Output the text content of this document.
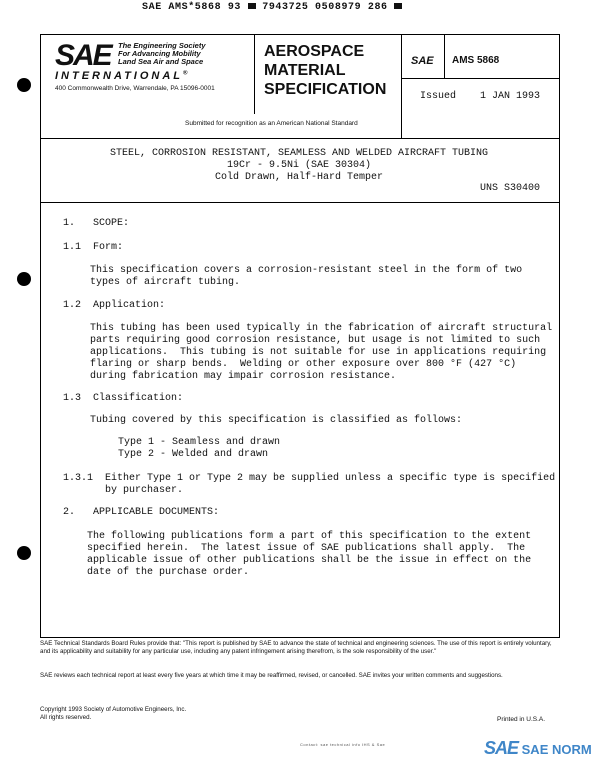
SAE AMS*5868 93 7943725 0508979 286
SAE The Engineering Society
For Advancing Mobility
Land Sea Air and Space
INTERNATIONAL®
400 Commonwealth Drive, Warrendale, PA 15096-0001
AEROSPACE
MATERIAL
SPECIFICATION
SAE AMS 5868
Issued 1 JAN 1993
Submitted for recognition as an American National Standard
STEEL, CORROSION RESISTANT, SEAMLESS AND WELDED AIRCRAFT TUBING
19Cr - 9.5Ni (SAE 30304)
Cold Drawn, Half-Hard Temper
UNS S30400
1.   SCOPE:
1.1  Form:
This specification covers a corrosion-resistant steel in the form of two
types of aircraft tubing.
1.2  Application:
This tubing has been used typically in the fabrication of aircraft structural
parts requiring good corrosion resistance, but usage is not limited to such
applications.  This tubing is not suitable for use in applications requiring
flaring or sharp bends.  Welding or other exposure over 800 °F (427 °C)
during fabrication may impair corrosion resistance.
1.3  Classification:
Tubing covered by this specification is classified as follows:
Type 1 - Seamless and drawn
Type 2 - Welded and drawn
1.3.1  Either Type 1 or Type 2 may be supplied unless a specific type is specified
by purchaser.
2.   APPLICABLE DOCUMENTS:
The following publications form a part of this specification to the extent
specified herein.  The latest issue of SAE publications shall apply.  The
applicable issue of other publications shall be the issue in effect on the
date of the purchase order.
SAE Technical Standards Board Rules provide that: "This report is published by SAE to advance the state of technical and engineering sciences. The use of this report is entirely voluntary, and its applicability and suitability for any particular use, including any patent infringement arising therefrom, is the sole responsibility of the user."
SAE reviews each technical report at least every five years at which time it may be reaffirmed, revised, or cancelled. SAE invites your written comments and suggestions.
Copyright 1993 Society of Automotive Engineers, Inc.
All rights reserved.	Printed in U.S.A.
Contact: sae technical info IHS & Sae	SAE SAE NORM
